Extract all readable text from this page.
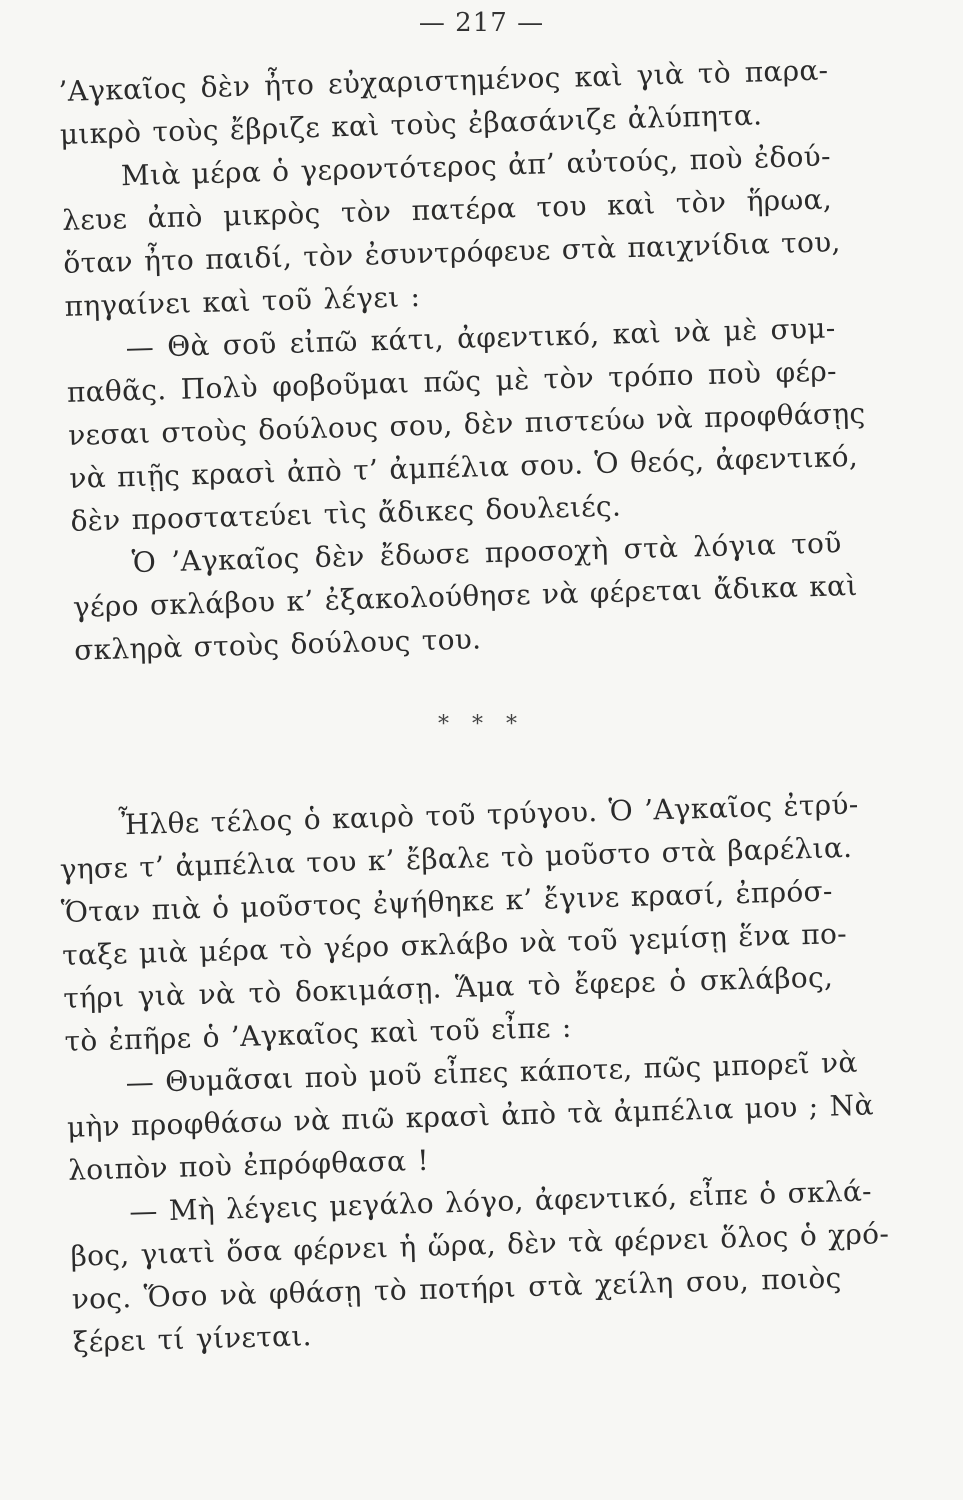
— 217 —
’Αγκαῖος δὲν ἦτο εὐχαριστημένος καὶ γιὰ τὸ παρα-
μικρὸ τοὺς ἔβριζε καὶ τοὺς ἐβασάνιζε ἀλύπητα.
Μιὰ μέρα ὁ γεροντότερος ἀπ’ αὐτούς, ποὺ ἐδού-
λευε ἀπὸ μικρὸς τὸν πατέρα του καὶ τὸν ἥρωα,
ὅταν ἦτο παιδί, τὸν ἐσυντρόφευε στὰ παιχνίδια του,
πηγαίνει καὶ τοῦ λέγει :
— Θὰ σοῦ εἰπῶ κάτι, ἀφεντικό, καὶ νὰ μὲ συμ-
παθᾶς. Πολὺ φοβοῦμαι πῶς μὲ τὸν τρόπο ποὺ φέρ-
νεσαι στοὺς δούλους σου, δὲν πιστεύω νὰ προφθάσῃς
νὰ πιῇς κρασὶ ἀπὸ τ’ ἀμπέλια σου. Ὁ θεός, ἀφεντικό,
δὲν προστατεύει τὶς ἄδικες δουλειές.
Ὁ ’Αγκαῖος δὲν ἔδωσε προσοχὴ στὰ λόγια τοῦ
γέρο σκλάβου κ’ ἐξακολούθησε νὰ φέρεται ἄδικα καὶ
σκληρὰ στοὺς δούλους του.
* * *
Ἦλθε τέλος ὁ καιρὸ τοῦ τρύγου. Ὁ ’Αγκαῖος ἐτρύ-
γησε τ’ ἀμπέλια του κ’ ἔβαλε τὸ μοῦστο στὰ βαρέλια.
Ὅταν πιὰ ὁ μοῦστος ἐψήθηκε κ’ ἔγινε κρασί, ἐπρόσ-
ταξε μιὰ μέρα τὸ γέρο σκλάβο νὰ τοῦ γεμίσῃ ἕνα πο-
τήρι γιὰ νὰ τὸ δοκιμάσῃ. Ἅμα τὸ ἔφερε ὁ σκλάβος,
τὸ ἐπῆρε ὁ ’Αγκαῖος καὶ τοῦ εἶπε :
— Θυμᾶσαι ποὺ μοῦ εἶπες κάποτε, πῶς μπορεῖ νὰ
μὴν προφθάσω νὰ πιῶ κρασὶ ἀπὸ τὰ ἀμπέλια μου ; Νὰ
λοιπὸν ποὺ ἐπρόφθασα !
— Μὴ λέγεις μεγάλο λόγο, ἀφεντικό, εἶπε ὁ σκλά-
βος, γιατὶ ὅσα φέρνει ἡ ὥρα, δὲν τὰ φέρνει ὅλος ὁ χρό-
νος. Ὅσο νὰ φθάσῃ τὸ ποτήρι στὰ χείλη σου, ποιὸς
ξέρει τί γίνεται.
